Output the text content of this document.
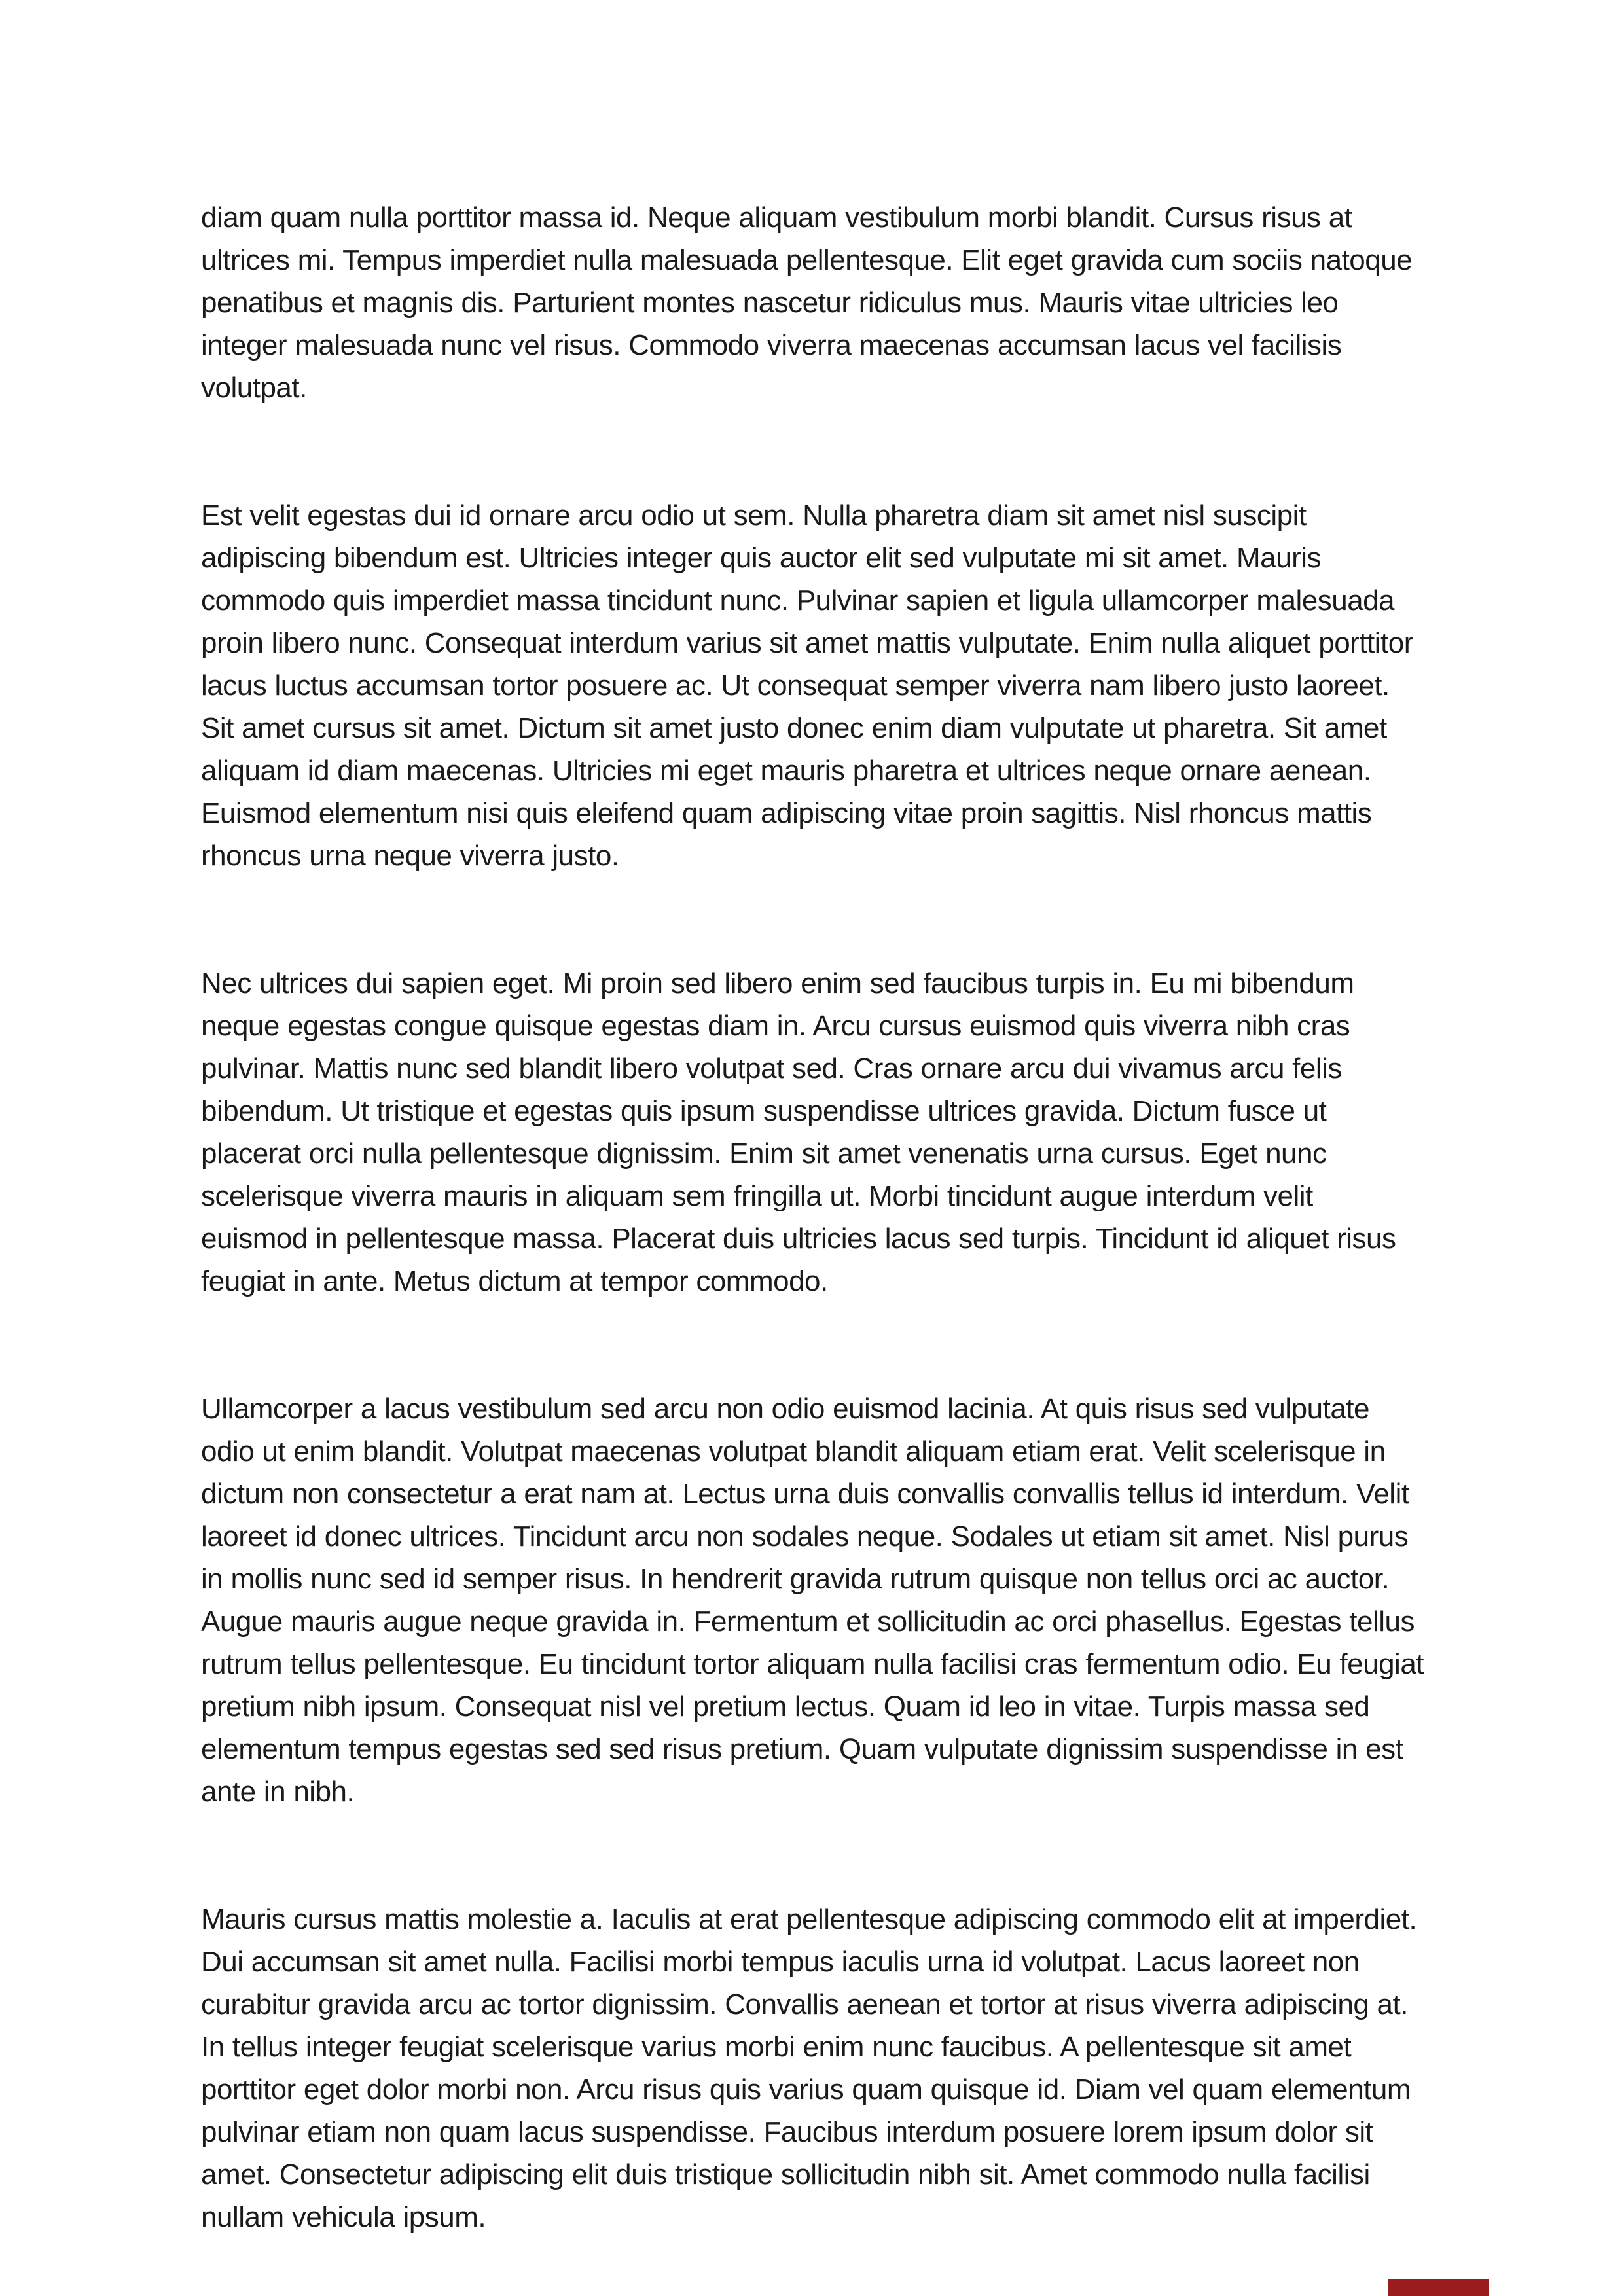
diam quam nulla porttitor massa id. Neque aliquam vestibulum morbi blandit. Cursus risus at ultrices mi. Tempus imperdiet nulla malesuada pellentesque. Elit eget gravida cum sociis natoque penatibus et magnis dis. Parturient montes nascetur ridiculus mus. Mauris vitae ultricies leo integer malesuada nunc vel risus. Commodo viverra maecenas accumsan lacus vel facilisis volutpat.

Est velit egestas dui id ornare arcu odio ut sem. Nulla pharetra diam sit amet nisl suscipit adipiscing bibendum est. Ultricies integer quis auctor elit sed vulputate mi sit amet. Mauris commodo quis imperdiet massa tincidunt nunc. Pulvinar sapien et ligula ullamcorper malesuada proin libero nunc. Consequat interdum varius sit amet mattis vulputate. Enim nulla aliquet porttitor lacus luctus accumsan tortor posuere ac. Ut consequat semper viverra nam libero justo laoreet. Sit amet cursus sit amet. Dictum sit amet justo donec enim diam vulputate ut pharetra. Sit amet aliquam id diam maecenas. Ultricies mi eget mauris pharetra et ultrices neque ornare aenean. Euismod elementum nisi quis eleifend quam adipiscing vitae proin sagittis. Nisl rhoncus mattis rhoncus urna neque viverra justo.

Nec ultrices dui sapien eget. Mi proin sed libero enim sed faucibus turpis in. Eu mi bibendum neque egestas congue quisque egestas diam in. Arcu cursus euismod quis viverra nibh cras pulvinar. Mattis nunc sed blandit libero volutpat sed. Cras ornare arcu dui vivamus arcu felis bibendum. Ut tristique et egestas quis ipsum suspendisse ultrices gravida. Dictum fusce ut placerat orci nulla pellentesque dignissim. Enim sit amet venenatis urna cursus. Eget nunc scelerisque viverra mauris in aliquam sem fringilla ut. Morbi tincidunt augue interdum velit euismod in pellentesque massa. Placerat duis ultricies lacus sed turpis. Tincidunt id aliquet risus feugiat in ante. Metus dictum at tempor commodo.

Ullamcorper a lacus vestibulum sed arcu non odio euismod lacinia. At quis risus sed vulputate odio ut enim blandit. Volutpat maecenas volutpat blandit aliquam etiam erat. Velit scelerisque in dictum non consectetur a erat nam at. Lectus urna duis convallis convallis tellus id interdum. Velit laoreet id donec ultrices. Tincidunt arcu non sodales neque. Sodales ut etiam sit amet. Nisl purus in mollis nunc sed id semper risus. In hendrerit gravida rutrum quisque non tellus orci ac auctor. Augue mauris augue neque gravida in. Fermentum et sollicitudin ac orci phasellus. Egestas tellus rutrum tellus pellentesque. Eu tincidunt tortor aliquam nulla facilisi cras fermentum odio. Eu feugiat pretium nibh ipsum. Consequat nisl vel pretium lectus. Quam id leo in vitae. Turpis massa sed elementum tempus egestas sed sed risus pretium. Quam vulputate dignissim suspendisse in est ante in nibh.

Mauris cursus mattis molestie a. Iaculis at erat pellentesque adipiscing commodo elit at imperdiet. Dui accumsan sit amet nulla. Facilisi morbi tempus iaculis urna id volutpat. Lacus laoreet non curabitur gravida arcu ac tortor dignissim. Convallis aenean et tortor at risus viverra adipiscing at. In tellus integer feugiat scelerisque varius morbi enim nunc faucibus. A pellentesque sit amet porttitor eget dolor morbi non. Arcu risus quis varius quam quisque id. Diam vel quam elementum pulvinar etiam non quam lacus suspendisse. Faucibus interdum posuere lorem ipsum dolor sit amet. Consectetur adipiscing elit duis tristique sollicitudin nibh sit. Amet commodo nulla facilisi nullam vehicula ipsum.
